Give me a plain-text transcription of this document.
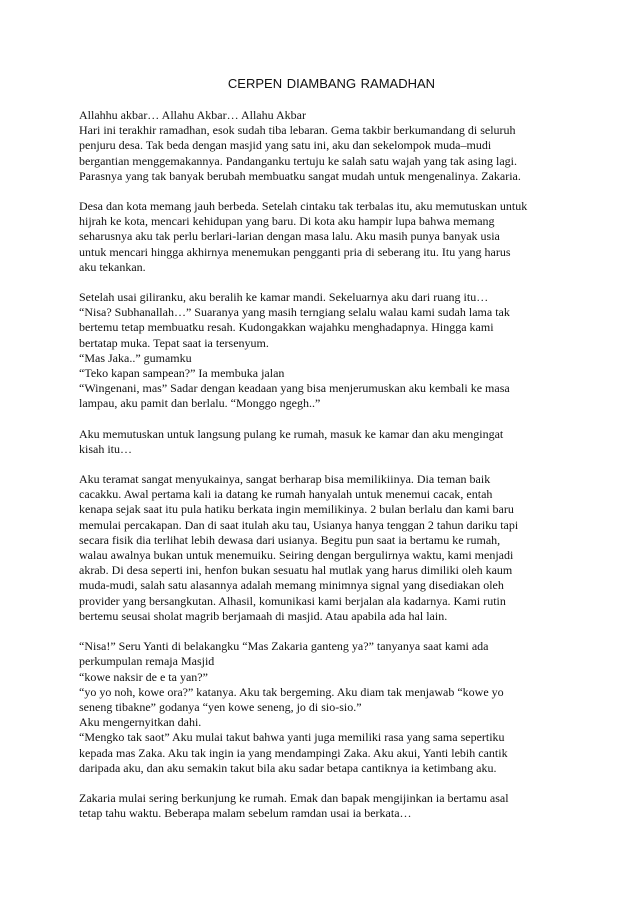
CERPEN DIAMBANG RAMADHAN
Allahhu akbar… Allahu Akbar… Allahu Akbar
Hari ini terakhir ramadhan, esok sudah tiba lebaran. Gema takbir berkumandang di seluruh
penjuru desa. Tak beda dengan masjid yang satu ini, aku dan sekelompok muda–mudi
bergantian menggemakannya. Pandanganku tertuju ke salah satu wajah yang tak asing lagi.
Parasnya yang tak banyak berubah membuatku sangat mudah untuk mengenalinya. Zakaria.
Desa dan kota memang jauh berbeda. Setelah cintaku tak terbalas itu, aku memutuskan untuk
hijrah ke kota, mencari kehidupan yang baru. Di kota aku hampir lupa bahwa memang
seharusnya aku tak perlu berlari-larian dengan masa lalu. Aku masih punya banyak usia
untuk mencari hingga akhirnya menemukan pengganti pria di seberang itu. Itu yang harus
aku tekankan.
Setelah usai giliranku, aku beralih ke kamar mandi. Sekeluarnya aku dari ruang itu…
“Nisa? Subhanallah…” Suaranya yang masih terngiang selalu walau kami sudah lama tak
bertemu tetap membuatku resah. Kudongakkan wajahku menghadapnya. Hingga kami
bertatap muka. Tepat saat ia tersenyum.
“Mas Jaka..” gumamku
“Teko kapan sampean?” Ia membuka jalan
“Wingenani, mas” Sadar dengan keadaan yang bisa menjerumuskan aku kembali ke masa
lampau, aku pamit dan berlalu. “Monggo ngegh..”
Aku memutuskan untuk langsung pulang ke rumah, masuk ke kamar dan aku mengingat
kisah itu…
Aku teramat sangat menyukainya, sangat berharap bisa memilikiinya. Dia teman baik
cacakku. Awal pertama kali ia datang ke rumah hanyalah untuk menemui cacak, entah
kenapa sejak saat itu pula hatiku berkata ingin memilikinya. 2 bulan berlalu dan kami baru
memulai percakapan. Dan di saat itulah aku tau, Usianya hanya tenggan 2 tahun dariku tapi
secara fisik dia terlihat lebih dewasa dari usianya. Begitu pun saat ia bertamu ke rumah,
walau awalnya bukan untuk menemuiku. Seiring dengan bergulirnya waktu, kami menjadi
akrab. Di desa seperti ini, henfon bukan sesuatu hal mutlak yang harus dimiliki oleh kaum
muda-mudi, salah satu alasannya adalah memang minimnya signal yang disediakan oleh
provider yang bersangkutan. Alhasil, komunikasi kami berjalan ala kadarnya. Kami rutin
bertemu seusai sholat magrib berjamaah di masjid. Atau apabila ada hal lain.
“Nisa!” Seru Yanti di belakangku “Mas Zakaria ganteng ya?” tanyanya saat kami ada
perkumpulan remaja Masjid
“kowe naksir de e ta yan?”
“yo yo noh, kowe ora?” katanya. Aku tak bergeming. Aku diam tak menjawab “kowe yo
seneng tibakne” godanya “yen kowe seneng, jo di sio-sio.”
Aku mengernyitkan dahi.
“Mengko tak saot” Aku mulai takut bahwa yanti juga memiliki rasa yang sama sepertiku
kepada mas Zaka. Aku tak ingin ia yang mendampingi Zaka. Aku akui, Yanti lebih cantik
daripada aku, dan aku semakin takut bila aku sadar betapa cantiknya ia ketimbang aku.
Zakaria mulai sering berkunjung ke rumah. Emak dan bapak mengijinkan ia bertamu asal
tetap tahu waktu. Beberapa malam sebelum ramdan usai ia berkata…
